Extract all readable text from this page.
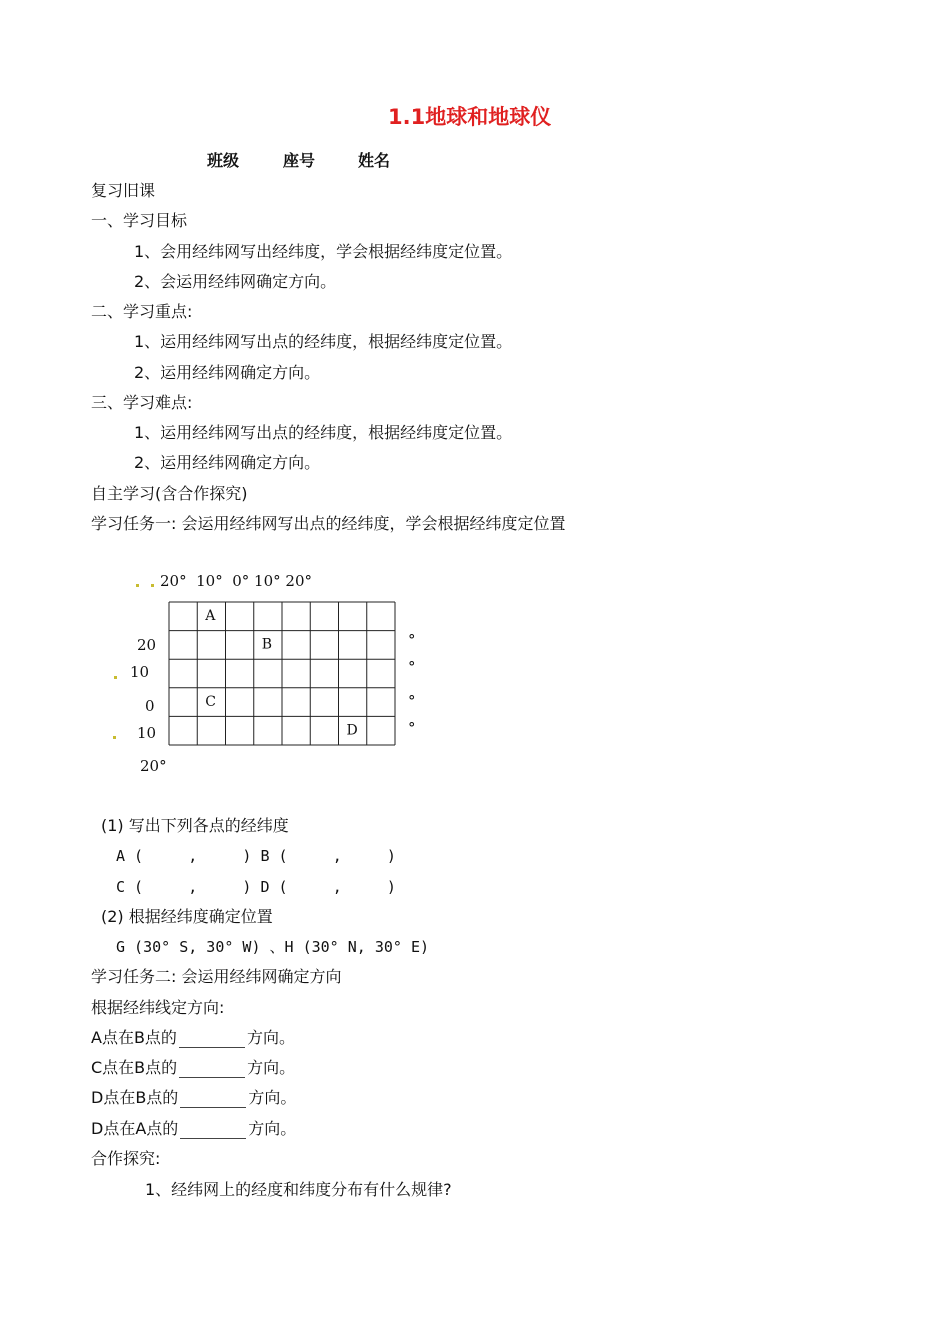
1.1地球和地球仪
班级	座号	姓名
复习旧课
一、学习目标
1、会用经纬网写出经纬度，学会根据经纬度定位置。
2、会运用经纬网确定方向。
二、学习重点:
1、运用经纬网写出点的经纬度，根据经纬度定位置。
2、运用经纬网确定方向。
三、学习难点:
1、运用经纬网写出点的经纬度，根据经纬度定位置。
2、运用经纬网确定方向。
自主学习(含合作探究)
学习任务一: 会运用经纬网写出点的经纬度，学会根据经纬度定位置
20°  10°  0° 10° 20°
20
10
0
10
20°
°
°
°
°
A
B
C
D
(1) 写出下列各点的经纬度
A (     ,     ) B (     ,     )
C (     ,     ) D (     ,     )
(2) 根据经纬度确定位置
G (30° S, 30° W) 、H (30° N, 30° E)
学习任务二: 会运用经纬网确定方向
根据经纬线定方向:
A点在B点的	方向。
C点在B点的	方向。
D点在B点的	方向。
D点在A点的	方向。
合作探究:
1、经纬网上的经度和纬度分布有什么规律?
